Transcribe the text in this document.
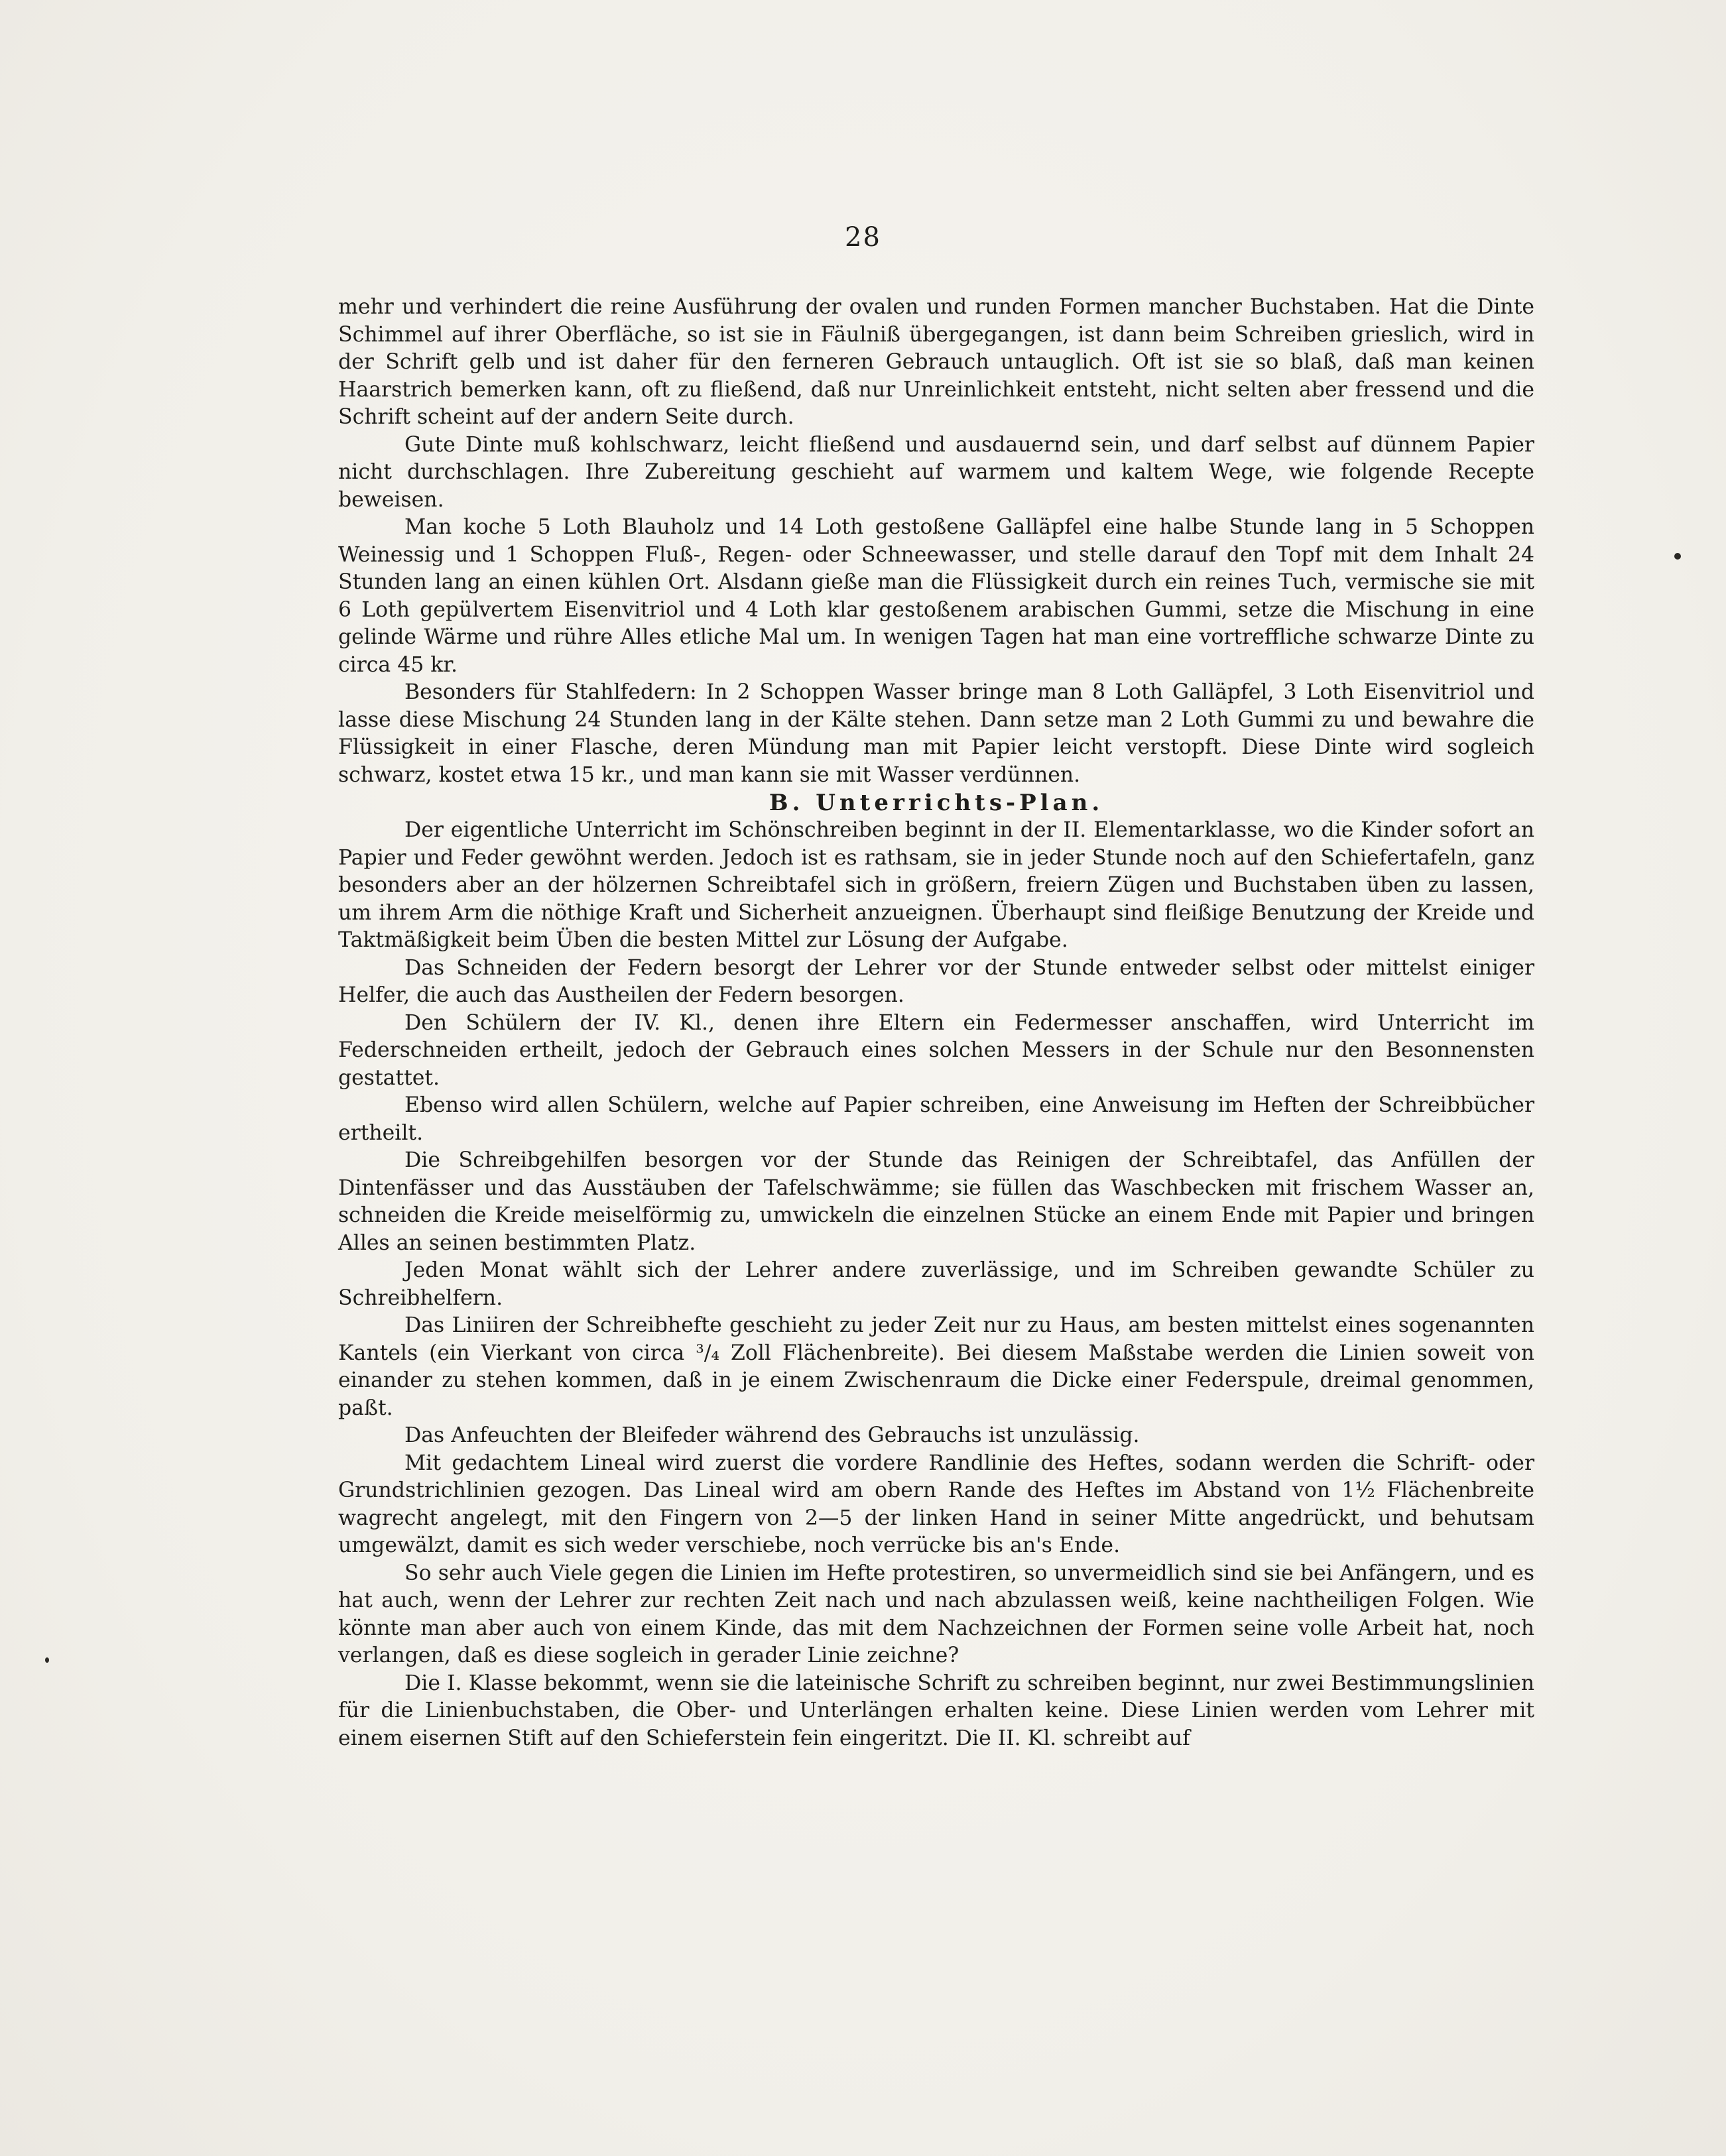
28

mehr und verhindert die reine Ausführung der ovalen und runden Formen mancher Buchstaben. Hat die Dinte Schimmel auf ihrer Oberfläche, so ist sie in Fäulniß übergegangen, ist dann beim Schreiben grieslich, wird in der Schrift gelb und ist daher für den ferneren Gebrauch untauglich. Oft ist sie so blaß, daß man keinen Haarstrich bemerken kann, oft zu fließend, daß nur Unreinlichkeit entsteht, nicht selten aber fressend und die Schrift scheint auf der andern Seite durch.

Gute Dinte muß kohlschwarz, leicht fließend und ausdauernd sein, und darf selbst auf dünnem Papier nicht durchschlagen. Ihre Zubereitung geschieht auf warmem und kaltem Wege, wie folgende Recepte beweisen.

Man koche 5 Loth Blauholz und 14 Loth gestoßene Galläpfel eine halbe Stunde lang in 5 Schoppen Weinessig und 1 Schoppen Fluß-, Regen- oder Schneewasser, und stelle darauf den Topf mit dem Inhalt 24 Stunden lang an einen kühlen Ort. Alsdann gieße man die Flüssigkeit durch ein reines Tuch, vermische sie mit 6 Loth gepülvertem Eisenvitriol und 4 Loth klar gestoßenem arabischen Gummi, setze die Mischung in eine gelinde Wärme und rühre Alles etliche Mal um. In wenigen Tagen hat man eine vortreffliche schwarze Dinte zu circa 45 kr.

Besonders für Stahlfedern: In 2 Schoppen Wasser bringe man 8 Loth Galläpfel, 3 Loth Eisenvitriol und lasse diese Mischung 24 Stunden lang in der Kälte stehen. Dann setze man 2 Loth Gummi zu und bewahre die Flüssigkeit in einer Flasche, deren Mündung man mit Papier leicht verstopft. Diese Dinte wird sogleich schwarz, kostet etwa 15 kr., und man kann sie mit Wasser verdünnen.

B. Unterrichts-Plan.

Der eigentliche Unterricht im Schönschreiben beginnt in der II. Elementarklasse, wo die Kinder sofort an Papier und Feder gewöhnt werden. Jedoch ist es rathsam, sie in jeder Stunde noch auf den Schiefertafeln, ganz besonders aber an der hölzernen Schreibtafel sich in größern, freiern Zügen und Buchstaben üben zu lassen, um ihrem Arm die nöthige Kraft und Sicherheit anzueignen. Überhaupt sind fleißige Benutzung der Kreide und Taktmäßigkeit beim Üben die besten Mittel zur Lösung der Aufgabe.

Das Schneiden der Federn besorgt der Lehrer vor der Stunde entweder selbst oder mittelst einiger Helfer, die auch das Austheilen der Federn besorgen.

Den Schülern der IV. Kl., denen ihre Eltern ein Federmesser anschaffen, wird Unterricht im Federschneiden ertheilt, jedoch der Gebrauch eines solchen Messers in der Schule nur den Besonnensten gestattet.

Ebenso wird allen Schülern, welche auf Papier schreiben, eine Anweisung im Heften der Schreibbücher ertheilt.

Die Schreibgehilfen besorgen vor der Stunde das Reinigen der Schreibtafel, das Anfüllen der Dintenfässer und das Ausstäuben der Tafelschwämme; sie füllen das Waschbecken mit frischem Wasser an, schneiden die Kreide meiselförmig zu, umwickeln die einzelnen Stücke an einem Ende mit Papier und bringen Alles an seinen bestimmten Platz.

Jeden Monat wählt sich der Lehrer andere zuverlässige, und im Schreiben gewandte Schüler zu Schreibhelfern.

Das Liniiren der Schreibhefte geschieht zu jeder Zeit nur zu Haus, am besten mittelst eines sogenannten Kantels (ein Vierkant von circa ³/₄ Zoll Flächenbreite). Bei diesem Maßstabe werden die Linien soweit von einander zu stehen kommen, daß in je einem Zwischenraum die Dicke einer Federspule, dreimal genommen, paßt.

Das Anfeuchten der Bleifeder während des Gebrauchs ist unzulässig.

Mit gedachtem Lineal wird zuerst die vordere Randlinie des Heftes, sodann werden die Schrift- oder Grundstrichlinien gezogen. Das Lineal wird am obern Rande des Heftes im Abstand von 1½ Flächenbreite wagrecht angelegt, mit den Fingern von 2—5 der linken Hand in seiner Mitte angedrückt, und behutsam umgewälzt, damit es sich weder verschiebe, noch verrücke bis an's Ende.

So sehr auch Viele gegen die Linien im Hefte protestiren, so unvermeidlich sind sie bei Anfängern, und es hat auch, wenn der Lehrer zur rechten Zeit nach und nach abzulassen weiß, keine nachtheiligen Folgen. Wie könnte man aber auch von einem Kinde, das mit dem Nachzeichnen der Formen seine volle Arbeit hat, noch verlangen, daß es diese sogleich in gerader Linie zeichne?

Die I. Klasse bekommt, wenn sie die lateinische Schrift zu schreiben beginnt, nur zwei Bestimmungslinien für die Linienbuchstaben, die Ober- und Unterlängen erhalten keine. Diese Linien werden vom Lehrer mit einem eisernen Stift auf den Schieferstein fein eingeritzt. Die II. Kl. schreibt auf
